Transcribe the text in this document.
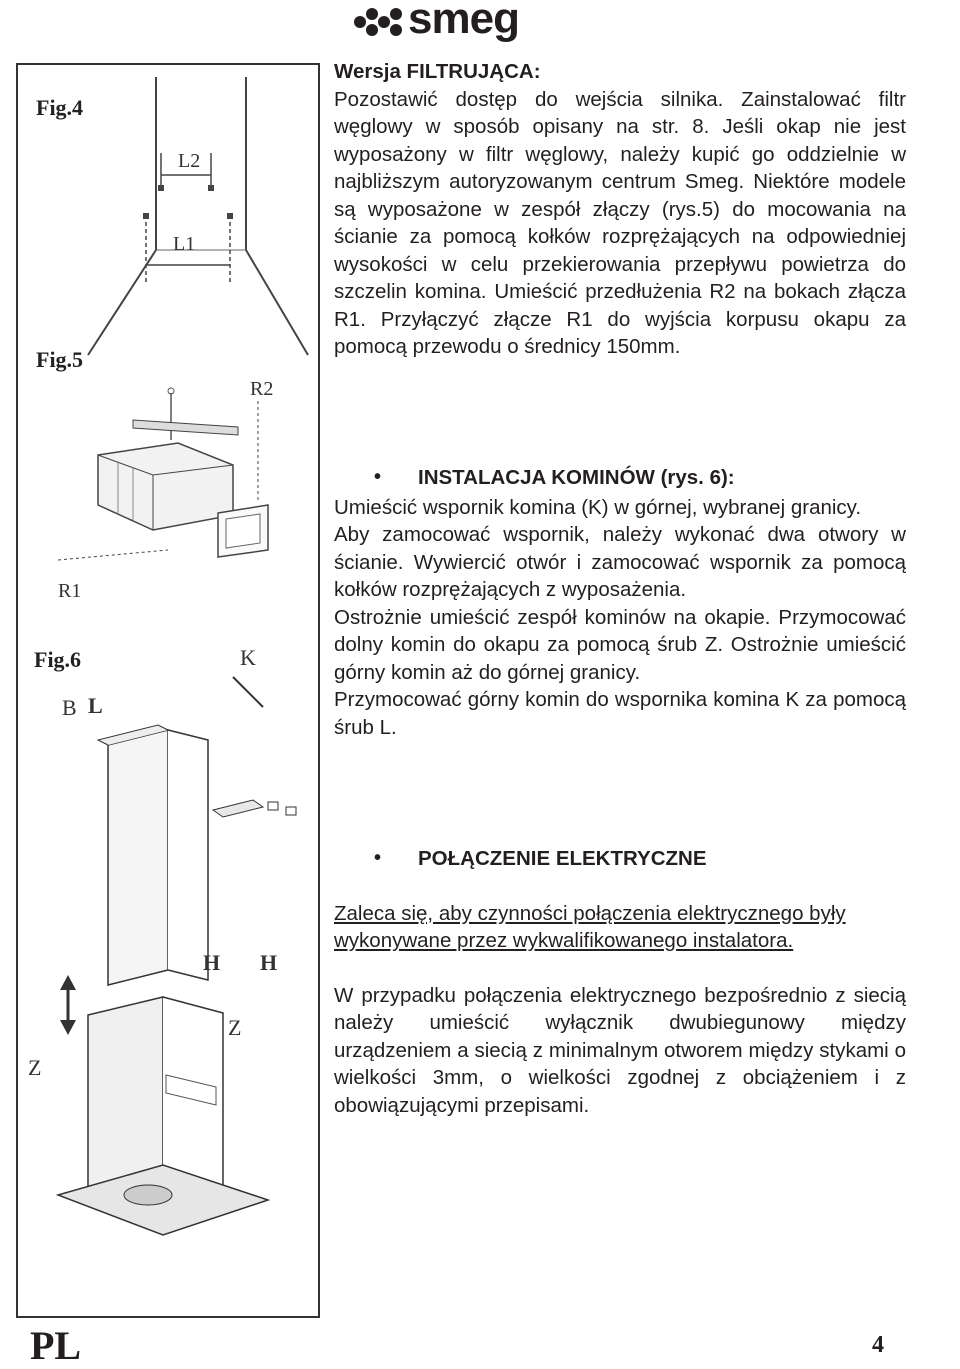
smeg
Fig.4
L2
L1
Fig.5
R2
R1
Fig.6	K
B L
H H
Z
Z

Wersja FILTRUJĄCA:

Pozostawić dostęp do wejścia silnika. Zainstalować filtr węglowy w sposób opisany na str. 8. Jeśli okap nie jest wyposażony w filtr węglowy, należy kupić go oddzielnie w najbliższym autoryzowanym centrum Smeg. Niektóre modele są wyposażone w zespół złączy (rys.5) do mocowania na ścianie za pomocą kołków rozprężających na odpowiedniej wysokości w celu przekierowania przepływu powietrza do szczelin komina. Umieścić przedłużenia R2 na bokach złącza R1. Przyłączyć złącze R1 do wyjścia korpusu okapu za pomocą przewodu o średnicy 150mm.

• INSTALACJA KOMINÓW (rys. 6):

Umieścić wspornik komina (K) w górnej, wybranej granicy.

Aby zamocować wspornik, należy wykonać dwa otwory w ścianie. Wywiercić otwór i zamocować wspornik za pomocą kołków rozprężających z wyposażenia.

Ostrożnie umieścić zespół kominów na okapie. Przymocować dolny komin do okapu za pomocą śrub Z. Ostrożnie umieścić górny komin aż do górnej granicy.

Przymocować górny komin do wspornika komina K za pomocą śrub L.

• POŁĄCZENIE ELEKTRYCZNE

Zaleca się, aby czynności połączenia elektrycznego były wykonywane przez wykwalifikowanego instalatora.

W przypadku połączenia elektrycznego bezpośrednio z siecią należy umieścić wyłącznik dwubiegunowy między urządzeniem a siecią z minimalnym otworem między stykami o wielkości 3mm, o wielkości zgodnej z obciążeniem i z obowiązującymi przepisami.

PL	4
